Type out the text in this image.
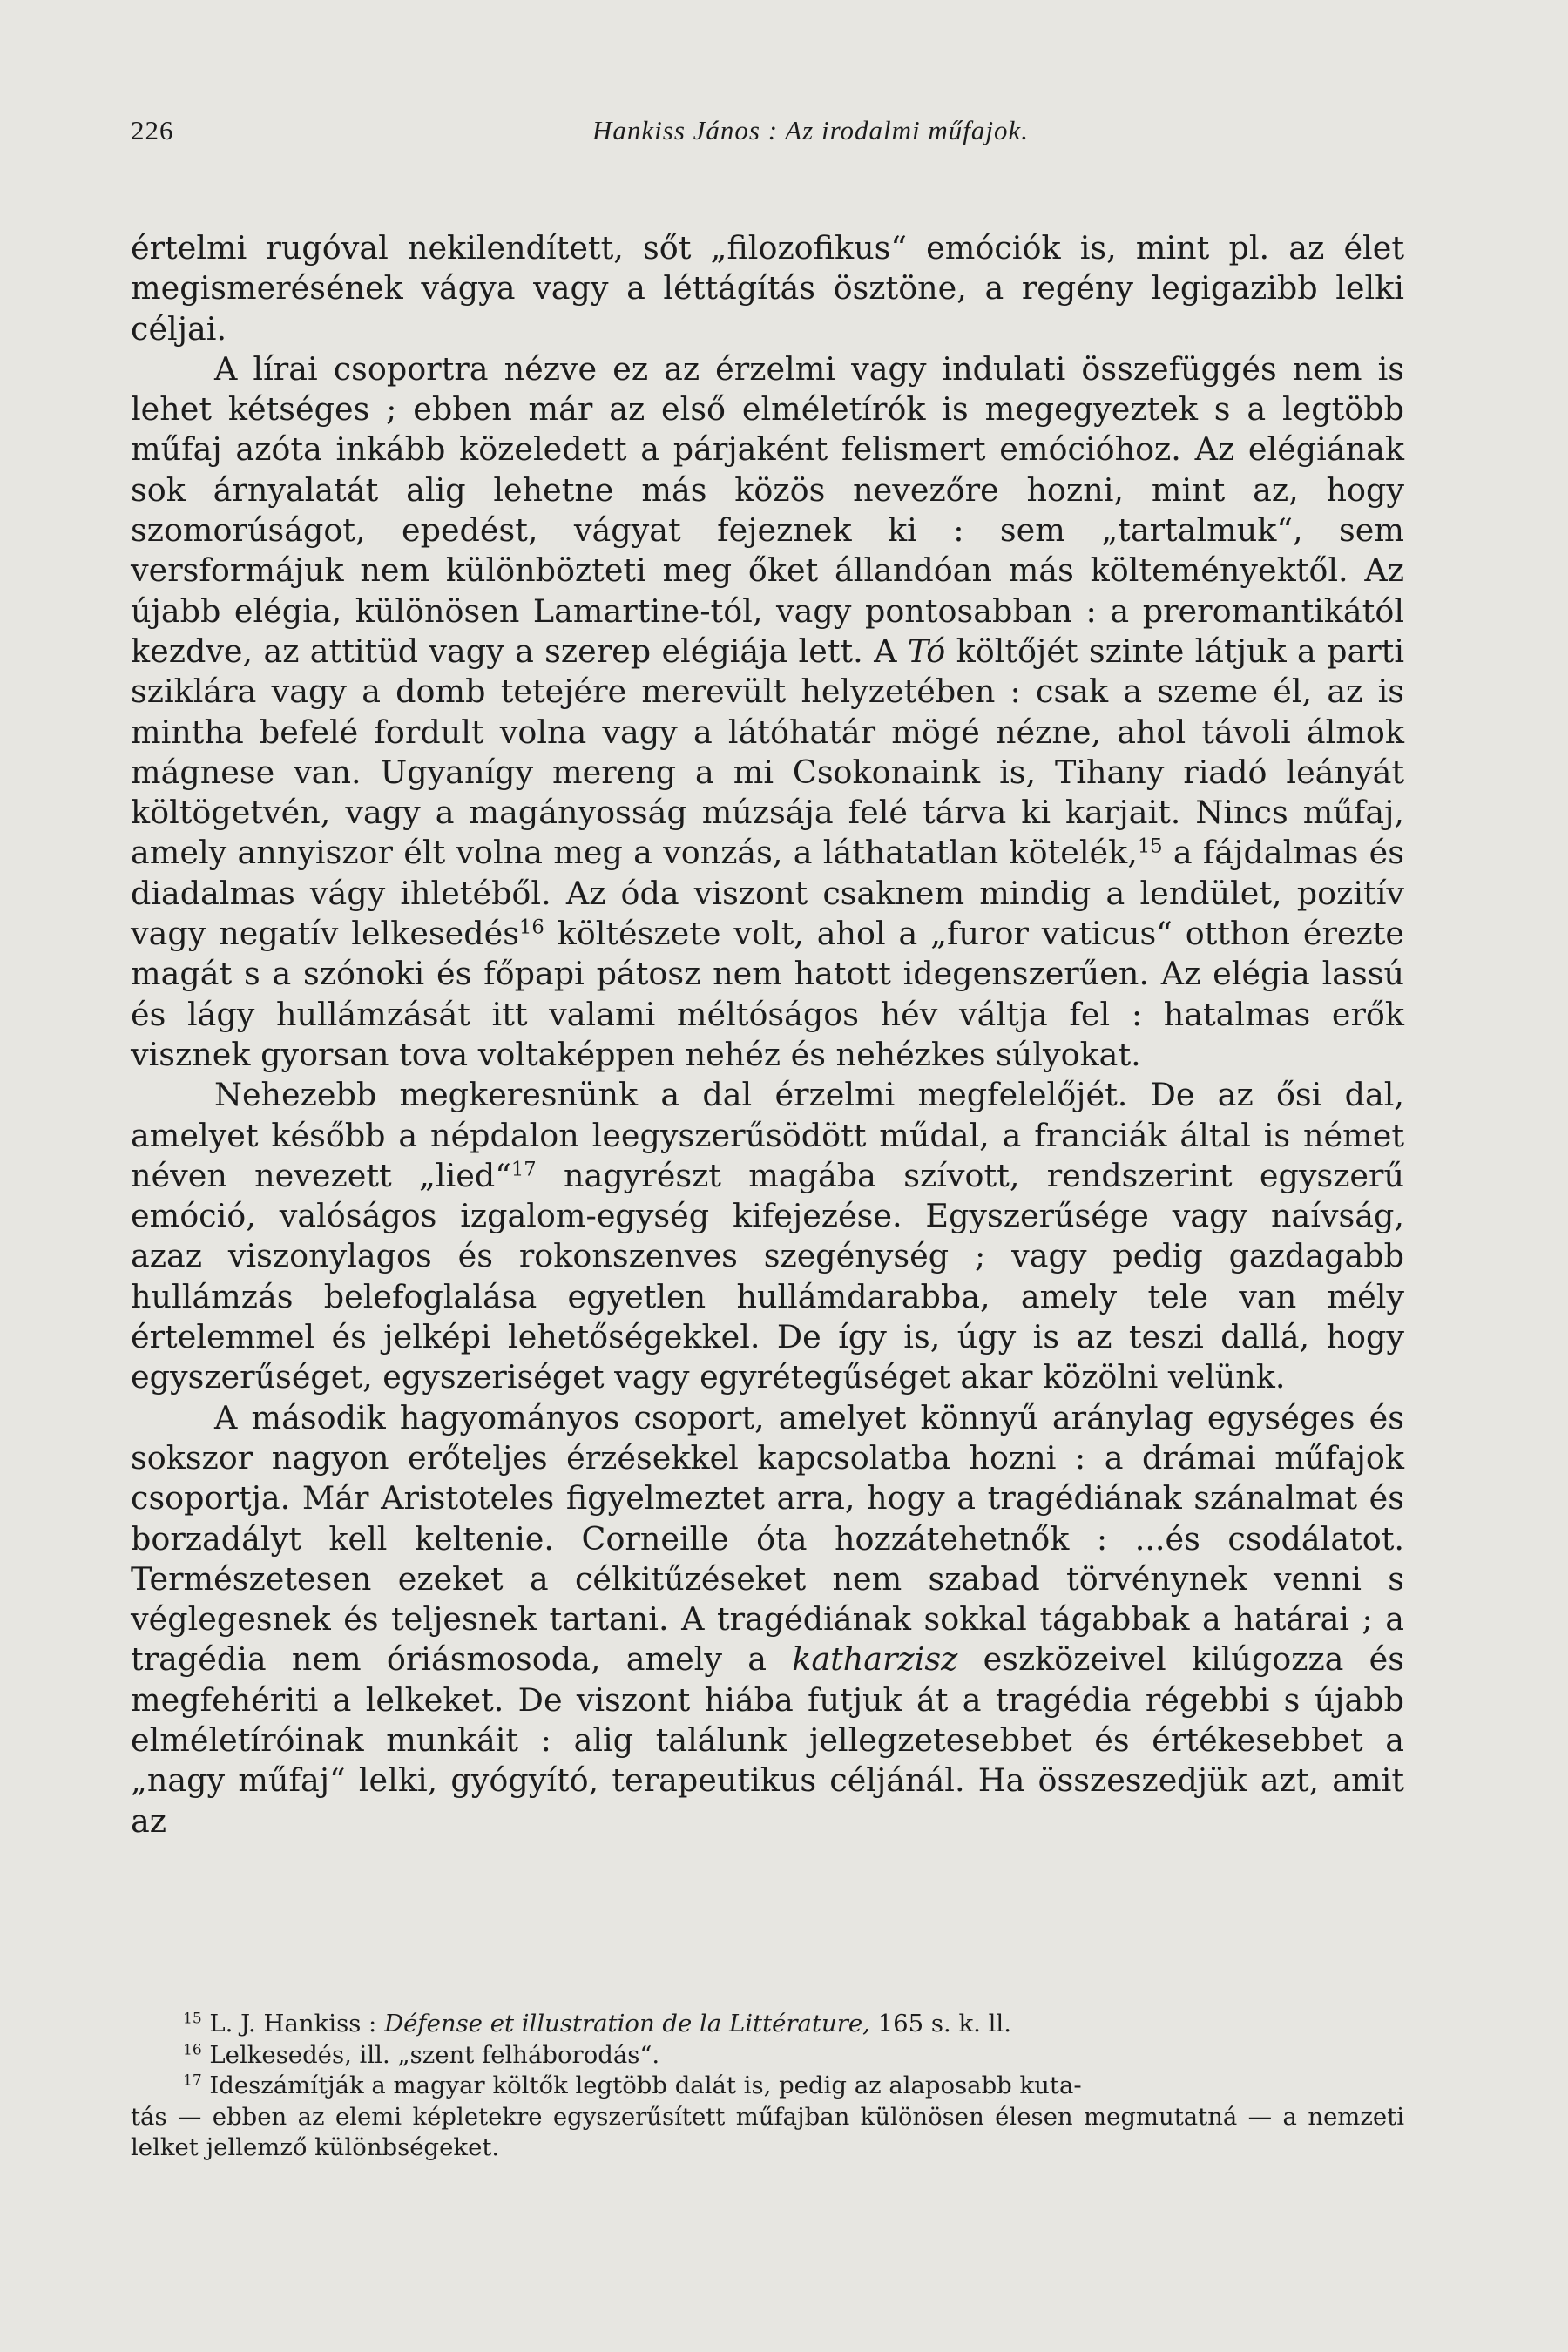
226	Hankiss János : Az irodalmi műfajok.

értelmi rugóval nekilendített, sőt „filozofikus“ emóciók is, mint pl. az élet megismerésének vágya vagy a léttágítás ösztöne, a regény legigazibb lelki céljai.

A lírai csoportra nézve ez az érzelmi vagy indulati összefüggés nem is lehet kétséges ; ebben már az első elméletírók is megegyeztek s a legtöbb műfaj azóta inkább közeledett a párjaként felismert emócióhoz. Az elégiának sok árnyalatát alig lehetne más közös nevezőre hozni, mint az, hogy szomorúságot, epedést, vágyat fejeznek ki : sem „tartalmuk“, sem versformájuk nem különbözteti meg őket állandóan más költeményektől. Az újabb elégia, különösen Lamartine-tól, vagy pontosabban : a preromantikától kezdve, az attitüd vagy a szerep elégiája lett. A Tó költőjét szinte látjuk a parti sziklára vagy a domb tetejére merevült helyzetében : csak a szeme él, az is mintha befelé fordult volna vagy a látóhatár mögé nézne, ahol távoli álmok mágnese van. Ugyanígy mereng a mi Csokonaink is, Tihany riadó leányát költögetvén, vagy a magányosság múzsája felé tárva ki karjait. Nincs műfaj, amely annyiszor élt volna meg a vonzás, a láthatatlan kötelék,$^{15}$ a fájdalmas és diadalmas vágy ihletéből. Az óda viszont csaknem mindig a lendület, pozitív vagy negatív lelkesedés$^{16}$ költészete volt, ahol a „furor vaticus“ otthon érezte magát s a szónoki és főpapi pátosz nem hatott idegenszerűen. Az elégia lassú és lágy hullámzását itt valami méltóságos hév váltja fel : hatalmas erők visznek gyorsan tova voltaképpen nehéz és nehézkes súlyokat.

Nehezebb megkeresnünk a dal érzelmi megfelelőjét. De az ősi dal, amelyet később a népdalon leegyszerűsödött műdal, a franciák által is német néven nevezett „lied“$^{17}$ nagyrészt magába szívott, rendszerint egyszerű emóció, valóságos izgalom-egység kifejezése. Egyszerűsége vagy naívság, azaz viszonylagos és rokonszenves szegénység ; vagy pedig gazdagabb hullámzás belefoglalása egyetlen hullámdarabba, amely tele van mély értelemmel és jelképi lehetőségekkel. De így is, úgy is az teszi dallá, hogy egyszerűséget, egyszeriséget vagy egyrétegűséget akar közölni velünk.

A második hagyományos csoport, amelyet könnyű aránylag egységes és sokszor nagyon erőteljes érzésekkel kapcsolatba hozni : a drámai műfajok csoportja. Már Aristoteles figyelmeztet arra, hogy a tragédiának szánalmat és borzadályt kell keltenie. Corneille óta hozzátehetnők : ...és csodálatot. Természetesen ezeket a célkitűzéseket nem szabad törvénynek venni s véglegesnek és teljesnek tartani. A tragédiának sokkal tágabbak a határai ; a tragédia nem óriásmosoda, amely a katharzisz eszközeivel kilúgozza és megfehériti a lelkeket. De viszont hiába futjuk át a tragédia régebbi s újabb elméletíróinak munkáit : alig találunk jellegzetesebbet és értékesebbet a „nagy műfaj“ lelki, gyógyító, terapeutikus céljánál. Ha összeszedjük azt, amit az

$^{15}$ L. J. Hankiss : Défense et illustration de la Littérature, 165 s. k. ll.

$^{16}$ Lelkesedés, ill. „szent felháborodás“.

$^{17}$ Ideszámítják a magyar költők legtöbb dalát is, pedig az alaposabb kuta-

tás — ebben az elemi képletekre egyszerűsített műfajban különösen élesen megmutatná — a nemzeti lelket jellemző különbségeket.
